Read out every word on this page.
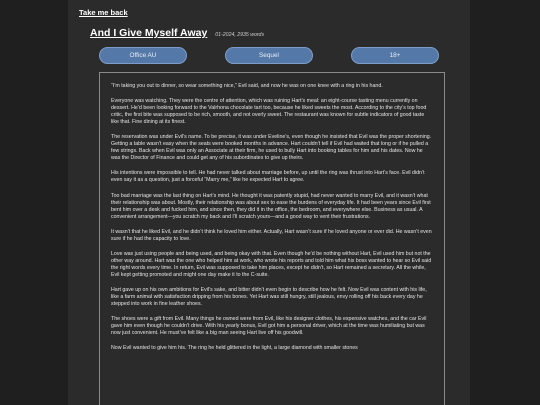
Take me back
And I Give Myself Away 01-2024, 2935 words
Office AU	Sequel	18+

“I’m taking you out to dinner, so wear something nice,” Evil said, and now he was on one knee with a ring in his hand.

Everyone was watching. They were the centre of attention, which was ruining Hart’s meal: an eight-course tasting menu currently on dessert. He’d been looking forward to the Valrhona chocolate tart too, because he liked sweets the most. According to the city’s top food critic, the first bite was supposed to be rich, smooth, and not overly sweet. The restaurant was known for subtle indicators of good taste like that. Fine dining at its finest.

The reservation was under Evil’s name. To be precise, it was under Eveline’s, even though he insisted that Evil was the proper shortening. Getting a table wasn’t easy when the seats were booked months in advance. Hart couldn’t tell if Evil had waited that long or if he pulled a few strings. Back when Evil was only an Associate at their firm, he used to bully Hart into booking tables for him and his dates. Now he was the Director of Finance and could get any of his subordinates to give up theirs.

His intentions were impossible to tell. He had never talked about marriage before, up until the ring was thrust into Hart’s face. Evil didn’t even say it as a question, just a forceful “Marry me,” like he expected Hart to agree.

Too bad marriage was the last thing on Hart’s mind. He thought it was patently stupid, had never wanted to marry Evil, and it wasn’t what their relationship was about. Mostly, their relationship was about sex to ease the burdens of everyday life. It had been years since Evil first bent him over a desk and fucked him, and since then, they did it in the office, the bedroom, and everywhere else. Business as usual. A convenient arrangement—you scratch my back and I’ll scratch yours—and a good way to vent their frustrations.

It wasn’t that he liked Evil, and he didn’t think he loved him either. Actually, Hart wasn’t sure if he loved anyone or ever did. He wasn’t even sure if he had the capacity to love.

Love was just using people and being used, and being okay with that. Even though he’d be nothing without Hart, Evil used him but not the other way around. Hart was the one who helped him at work, who wrote his reports and told him what his boss wanted to hear so Evil said the right words every time. In return, Evil was supposed to take him places, except he didn’t, so Hart remained a secretary. All the while, Evil kept getting promoted and might one day make it to the C-suite.

Hart gave up on his own ambitions for Evil’s sake, and bitter didn’t even begin to describe how he felt. Now Evil was content with his life, like a farm animal with satisfaction dripping from his bones. Yet Hart was still hungry, still jealous, envy rolling off his back every day he stepped into work in fine leather shoes.

The shoes were a gift from Evil. Many things he owned were from Evil, like his designer clothes, his expensive watches, and the car Evil gave him even though he couldn’t drive. With his yearly bonus, Evil got him a personal driver, which at the time was humiliating but was now just convenient. He must’ve felt like a big man seeing Hart live off his goodwill.

Now Evil wanted to give him his. The ring he held glittered in the light, a large diamond with smaller stones
